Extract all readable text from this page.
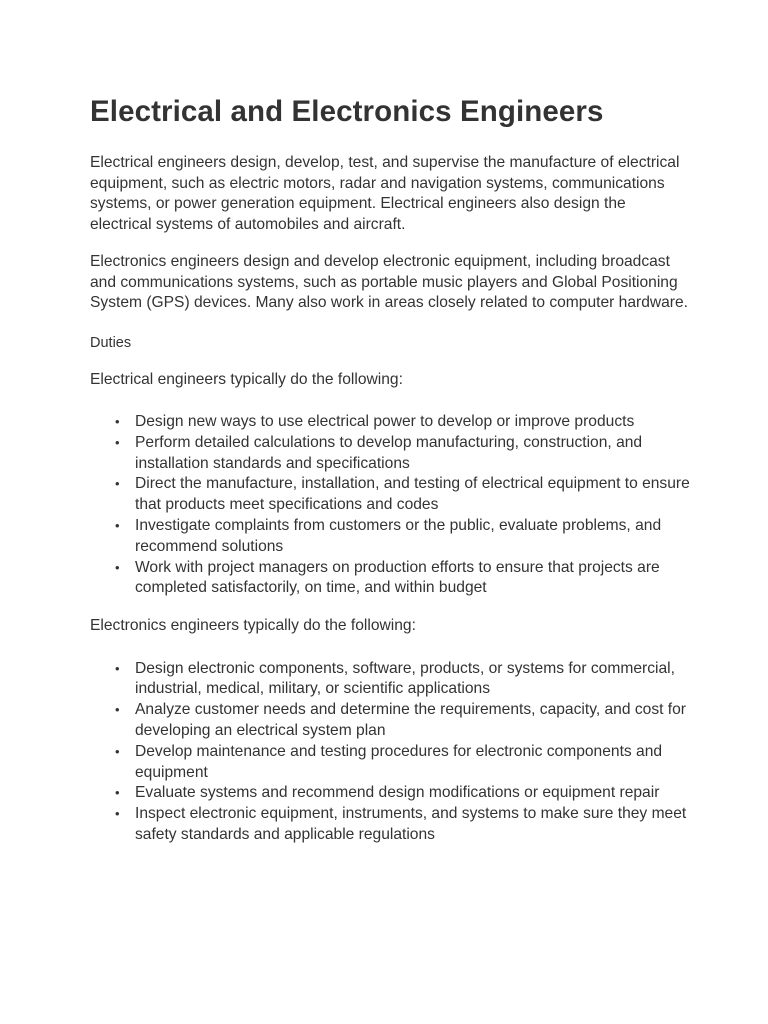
Electrical and Electronics Engineers

Electrical engineers design, develop, test, and supervise the manufacture of electrical equipment, such as electric motors, radar and navigation systems, communications systems, or power generation equipment. Electrical engineers also design the electrical systems of automobiles and aircraft.

Electronics engineers design and develop electronic equipment, including broadcast and communications systems, such as portable music players and Global Positioning System (GPS) devices. Many also work in areas closely related to computer hardware.

Duties

Electrical engineers typically do the following:

• Design new ways to use electrical power to develop or improve products
• Perform detailed calculations to develop manufacturing, construction, and installation standards and specifications
• Direct the manufacture, installation, and testing of electrical equipment to ensure that products meet specifications and codes
• Investigate complaints from customers or the public, evaluate problems, and recommend solutions
• Work with project managers on production efforts to ensure that projects are completed satisfactorily, on time, and within budget

Electronics engineers typically do the following:

• Design electronic components, software, products, or systems for commercial, industrial, medical, military, or scientific applications
• Analyze customer needs and determine the requirements, capacity, and cost for developing an electrical system plan
• Develop maintenance and testing procedures for electronic components and equipment
• Evaluate systems and recommend design modifications or equipment repair
• Inspect electronic equipment, instruments, and systems to make sure they meet safety standards and applicable regulations
